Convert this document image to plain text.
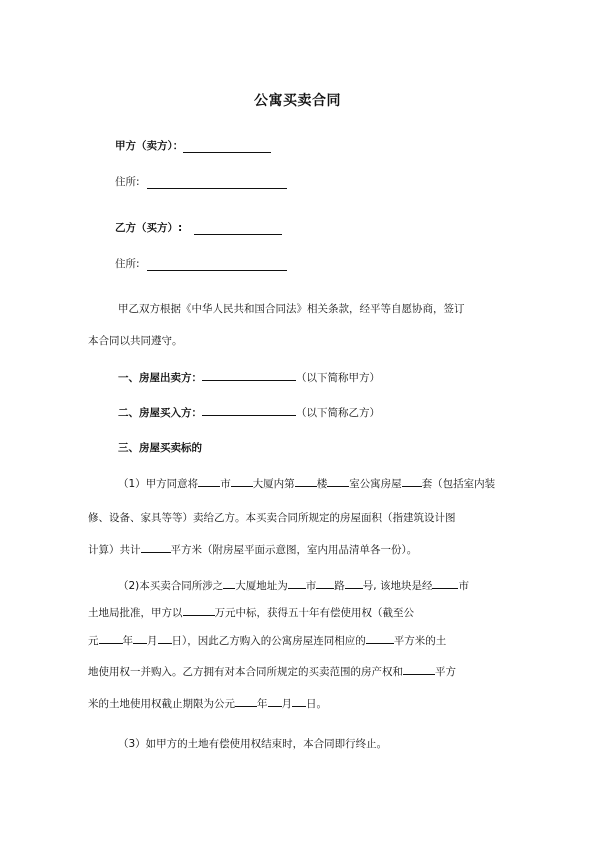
公寓买卖合同
甲方（卖方）：
住所:
乙方（买方）:
住所:
甲乙双方根据《中华人民共和国合同法》相关条款，经平等自愿协商，签订
本合同以共同遵守。
一、房屋出卖方：	（以下简称甲方）
二、房屋买入方：	（以下简称乙方）
三、房屋买卖标的
（1）甲方同意将 市 大厦内第 楼 室公寓房屋 套（包括室内装
修、设备、家具等等）卖给乙方。本买卖合同所规定的房屋面积（指建筑设计图
计算）共计	平方米（附房屋平面示意图，室内用品清单各一份）。
（2)本买卖合同所涉之 大厦地址为 市 路 号, 该地块是经 市
土地局批准，甲方以	万元中标，获得五十年有偿使用权（截至公
元 年 月 日），因此乙方购入的公寓房屋连同相应的	平方米的土
地使用权一并购入。乙方拥有对本合同所规定的买卖范围的房产权和	平方
米的土地使用权截止期限为公元 年 月 日。
（3）如甲方的土地有偿使用权结束时，本合同即行终止。
